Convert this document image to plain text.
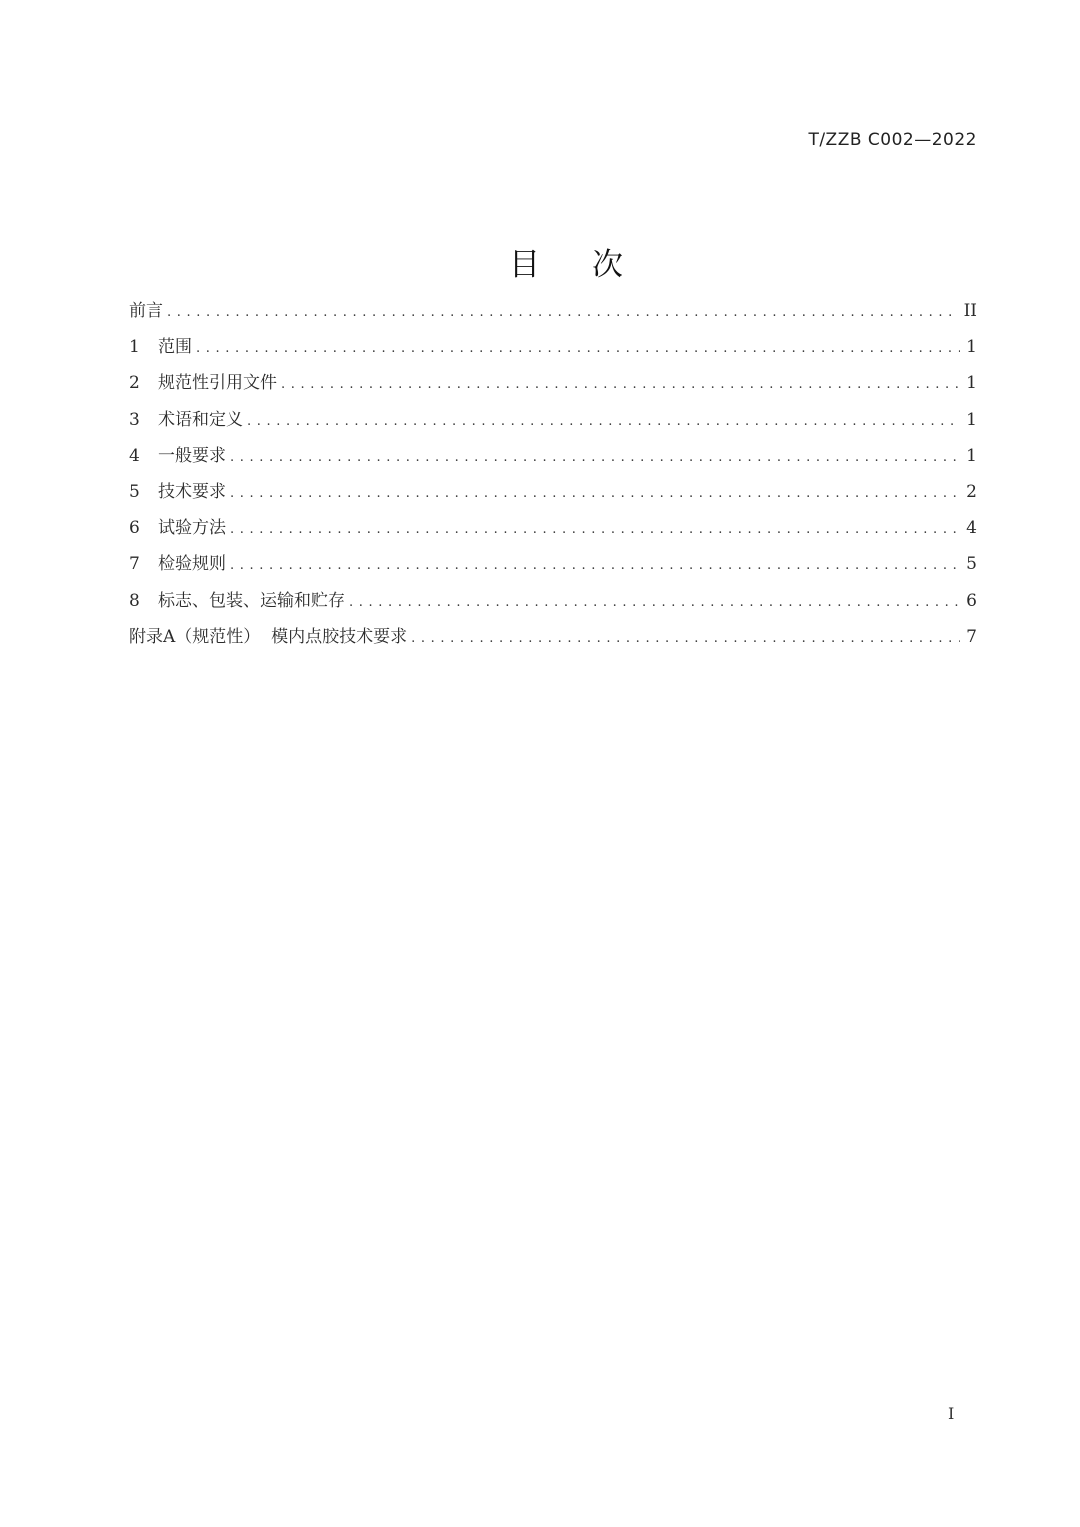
T/ZZB C002—2022
目次
前言 . . .	II
1	范围 . . .	1
2	规范性引用文件 . . .	1
3	术语和定义 . . .	1
4	一般要求 . . .	1
5	技术要求 . . .	2
6	试验方法 . . .	4
7	检验规则 . . .	5
8	标志、包装、运输和贮存 . . .	6
附录A（规范性）  模内点胶技术要求 . . .	7
I
